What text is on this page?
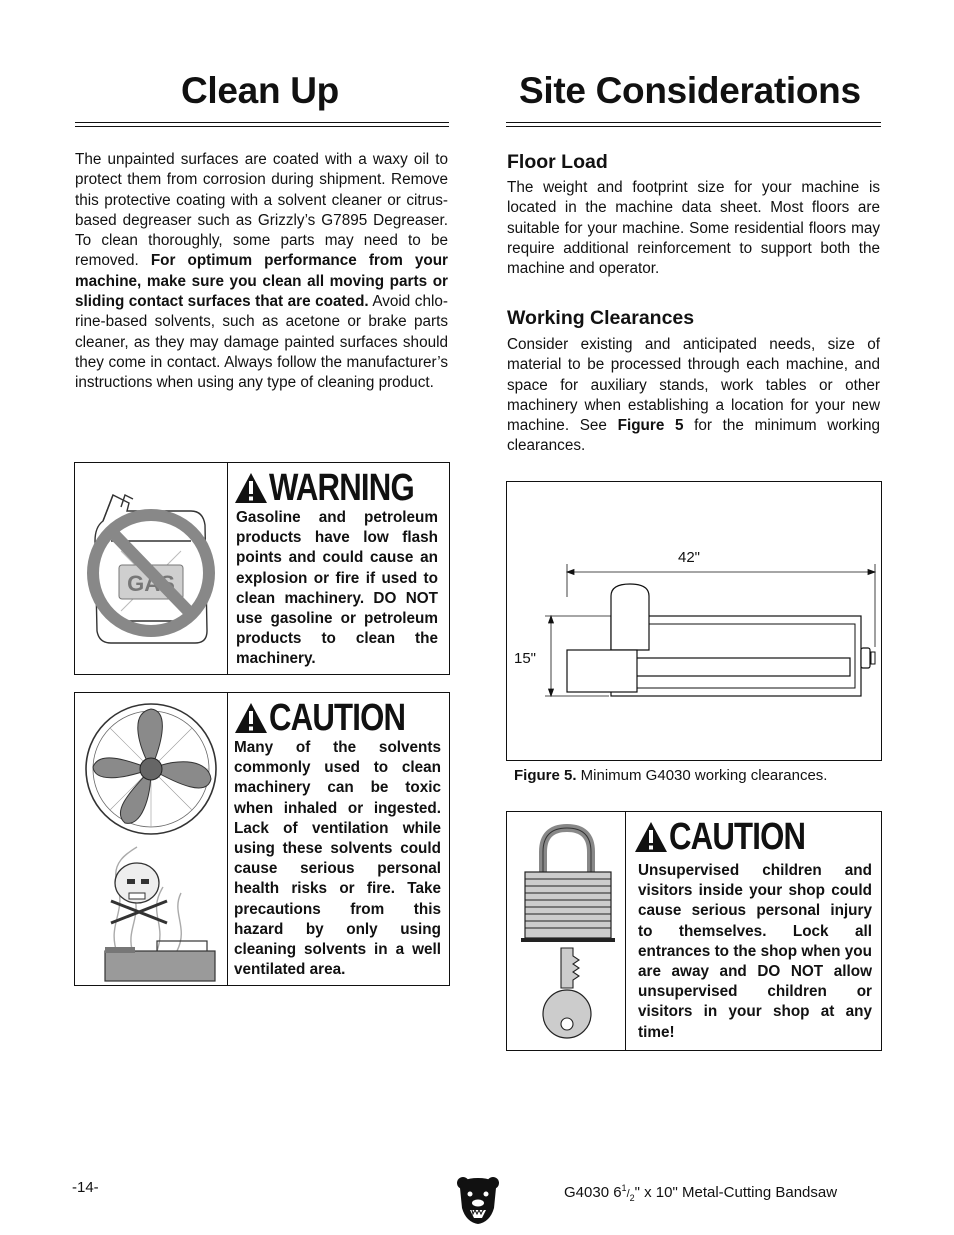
Clean Up
The unpainted surfaces are coated with a waxy oil to protect them from corrosion during shipment. Remove this protective coating with a solvent cleaner or citrus-based degreaser such as Grizzly’s G7895 Degreaser. To clean thoroughly, some parts may need to be removed. For optimum performance from your machine, make sure you clean all moving parts or sliding contact surfaces that are coated. Avoid chlorine-based solvents, such as acetone or brake parts cleaner, as they may damage painted surfaces should they come in contact. Always follow the manufacturer’s instructions when using any type of cleaning product.
GAS
WARNING
Gasoline and petroleum products have low flash points and could cause an explosion or fire if used to clean machinery. DO NOT use gasoline or petroleum products to clean the machinery.
CAUTION
Many of the solvents commonly used to clean machinery can be toxic when inhaled or ingested. Lack of ventilation while using these solvents could cause serious personal health risks or fire. Take precautions from this hazard by only using cleaning solvents in a well ventilated area.
Site Considerations
Floor Load
The weight and footprint size for your machine is located in the machine data sheet. Most floors are suitable for your machine. Some residential floors may require additional reinforcement to support both the machine and operator.
Working Clearances
Consider existing and anticipated needs, size of material to be processed through each machine, and space for auxiliary stands, work tables or other machinery when establishing a location for your new machine. See Figure 5 for the minimum working clearances.
42"
15"
Figure 5. Minimum G4030 working clearances.
CAUTION
Unsupervised children and visitors inside your shop could cause serious personal injury to themselves. Lock all entrances to the shop when you are away and DO NOT allow unsupervised children or visitors in your shop at any time!
-14-	G4030 $6^1/_2$" x 10" Metal-Cutting Bandsaw
